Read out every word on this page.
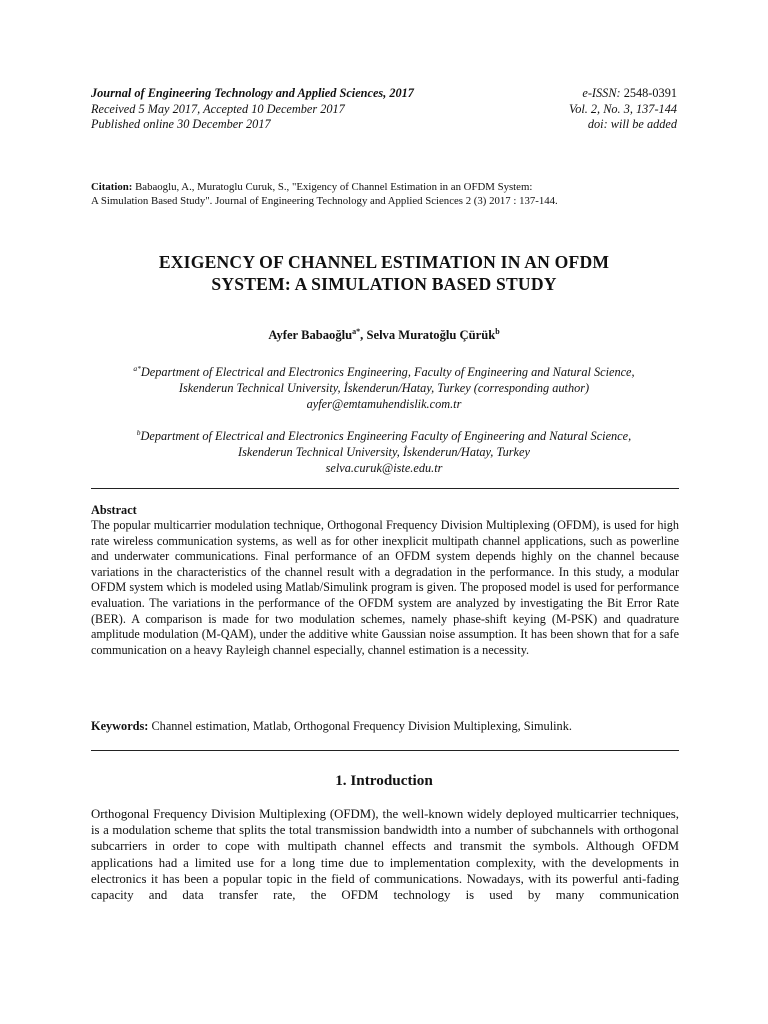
Journal of Engineering Technology and Applied Sciences, 2017
Received 5 May 2017, Accepted 10 December 2017
Published online 30 December 2017
e-ISSN: 2548-0391
Vol. 2, No. 3, 137-144
doi: will be added
Citation: Babaoglu, A., Muratoglu Curuk, S., "Exigency of Channel Estimation in an OFDM System:
A Simulation Based Study". Journal of Engineering Technology and Applied Sciences 2 (3) 2017 : 137-144.
EXIGENCY OF CHANNEL ESTIMATION IN AN OFDM
SYSTEM: A SIMULATION BASED STUDY
Ayfer Babaoğlu$^{a*}$, Selva Muratoğlu Çürük$^b$
$^{a*}$Department of Electrical and Electronics Engineering, Faculty of Engineering and Natural Science,
Iskenderun Technical University, İskenderun/Hatay, Turkey (corresponding author)
ayfer@emtamuhendislik.com.tr
$^b$Department of Electrical and Electronics Engineering Faculty of Engineering and Natural Science,
Iskenderun Technical University, İskenderun/Hatay, Turkey
selva.curuk@iste.edu.tr
Abstract
The popular multicarrier modulation technique, Orthogonal Frequency Division Multiplexing (OFDM), is used for high rate wireless communication systems, as well as for other inexplicit multipath channel applications, such as powerline and underwater communications. Final performance of an OFDM system depends highly on the channel because variations in the characteristics of the channel result with a degradation in the performance. In this study, a modular OFDM system which is modeled using Matlab/Simulink program is given. The proposed model is used for performance evaluation. The variations in the performance of the OFDM system are analyzed by investigating the Bit Error Rate (BER). A comparison is made for two modulation schemes, namely phase-shift keying (M-PSK) and quadrature amplitude modulation (M-QAM), under the additive white Gaussian noise assumption. It has been shown that for a safe communication on a heavy Rayleigh channel especially, channel estimation is a necessity.
Keywords: Channel estimation, Matlab, Orthogonal Frequency Division Multiplexing, Simulink.
1. Introduction
Orthogonal Frequency Division Multiplexing (OFDM), the well-known widely deployed multicarrier techniques, is a modulation scheme that splits the total transmission bandwidth into a number of subchannels with orthogonal subcarriers in order to cope with multipath channel effects and transmit the symbols. Although OFDM applications had a limited use for a long time due to implementation complexity, with the developments in electronics it has been a popular topic in the field of communications. Nowadays, with its powerful anti-fading capacity and data transfer rate, the OFDM technology is used by many communication
